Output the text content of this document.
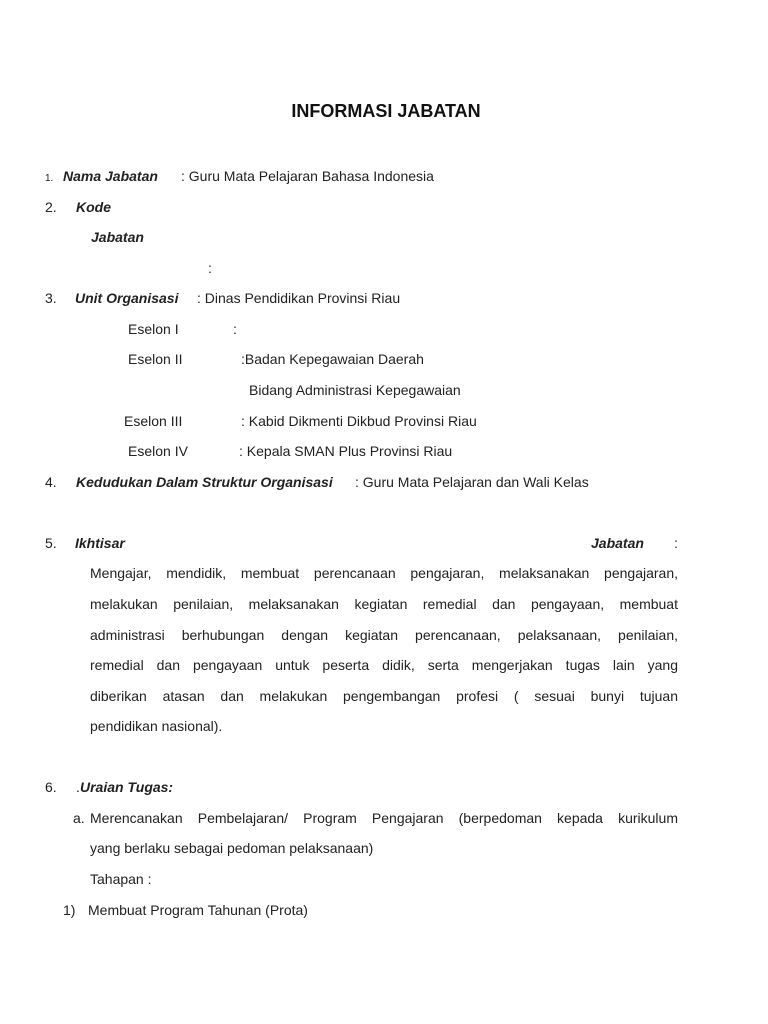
INFORMASI JABATAN
1. Nama Jabatan : Guru Mata Pelajaran Bahasa Indonesia
2. Kode
Jabatan
:
3. Unit Organisasi : Dinas Pendidikan Provinsi Riau
Eselon I	:
Eselon II	:Badan Kepegawaian Daerah
Bidang Administrasi Kepegawaian
Eselon III	: Kabid Dikmenti Dikbud Provinsi Riau
Eselon IV	: Kepala SMAN Plus Provinsi Riau
4. Kedudukan Dalam Struktur Organisasi : Guru Mata Pelajaran dan Wali Kelas
5. Ikhtisar	Jabatan :
Mengajar, mendidik, membuat perencanaan pengajaran, melaksanakan pengajaran,
melakukan penilaian, melaksanakan kegiatan remedial dan pengayaan, membuat
administrasi berhubungan dengan kegiatan perencanaan, pelaksanaan, penilaian,
remedial dan pengayaan untuk peserta didik, serta mengerjakan tugas lain yang
diberikan atasan dan melakukan pengembangan profesi ( sesuai bunyi tujuan
pendidikan nasional).
6. . Uraian Tugas:
a. Merencanakan Pembelajaran/ Program Pengajaran (berpedoman kepada kurikulum
yang berlaku sebagai pedoman pelaksanaan)
Tahapan :
1) Membuat Program Tahunan (Prota)
